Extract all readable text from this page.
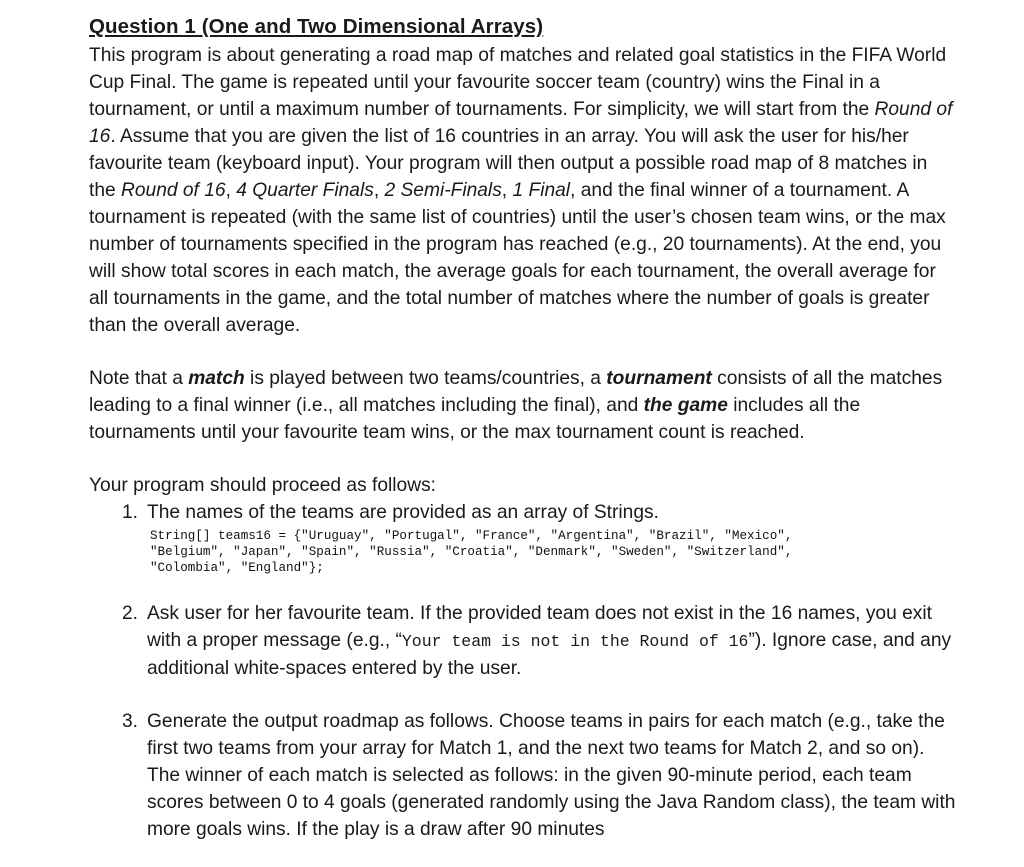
Question 1 (One and Two Dimensional Arrays)

This program is about generating a road map of matches and related goal statistics in the FIFA World Cup Final. The game is repeated until your favourite soccer team (country) wins the Final in a tournament, or until a maximum number of tournaments. For simplicity, we will start from the Round of 16. Assume that you are given the list of 16 countries in an array. You will ask the user for his/her favourite team (keyboard input). Your program will then output a possible road map of 8 matches in the Round of 16, 4 Quarter Finals, 2 Semi-Finals, 1 Final, and the final winner of a tournament. A tournament is repeated (with the same list of countries) until the user’s chosen team wins, or the max number of tournaments specified in the program has reached (e.g., 20 tournaments). At the end, you will show total scores in each match, the average goals for each tournament, the overall average for all tournaments in the game, and the total number of matches where the number of goals is greater than the overall average.

Note that a match is played between two teams/countries, a tournament consists of all the matches leading to a final winner (i.e., all matches including the final), and the game includes all the tournaments until your favourite team wins, or the max tournament count is reached.

Your program should proceed as follows:

1. The names of the teams are provided as an array of Strings.
String[] teams16 = {"Uruguay", "Portugal", "France", "Argentina", "Brazil", "Mexico",
"Belgium", "Japan", "Spain", "Russia", "Croatia", "Denmark", "Sweden", "Switzerland",
"Colombia", "England"};
2. Ask user for her favourite team. If the provided team does not exist in the 16 names, you exit with a proper message (e.g., “Your team is not in the Round of 16”). Ignore case, and any additional white-spaces entered by the user.
3. Generate the output roadmap as follows. Choose teams in pairs for each match (e.g., take the first two teams from your array for Match 1, and the next two teams for Match 2, and so on). The winner of each match is selected as follows: in the given 90-minute period, each team scores between 0 to 4 goals (generated randomly using the Java Random class), the team with more goals wins. If the play is a draw after 90 minutes
